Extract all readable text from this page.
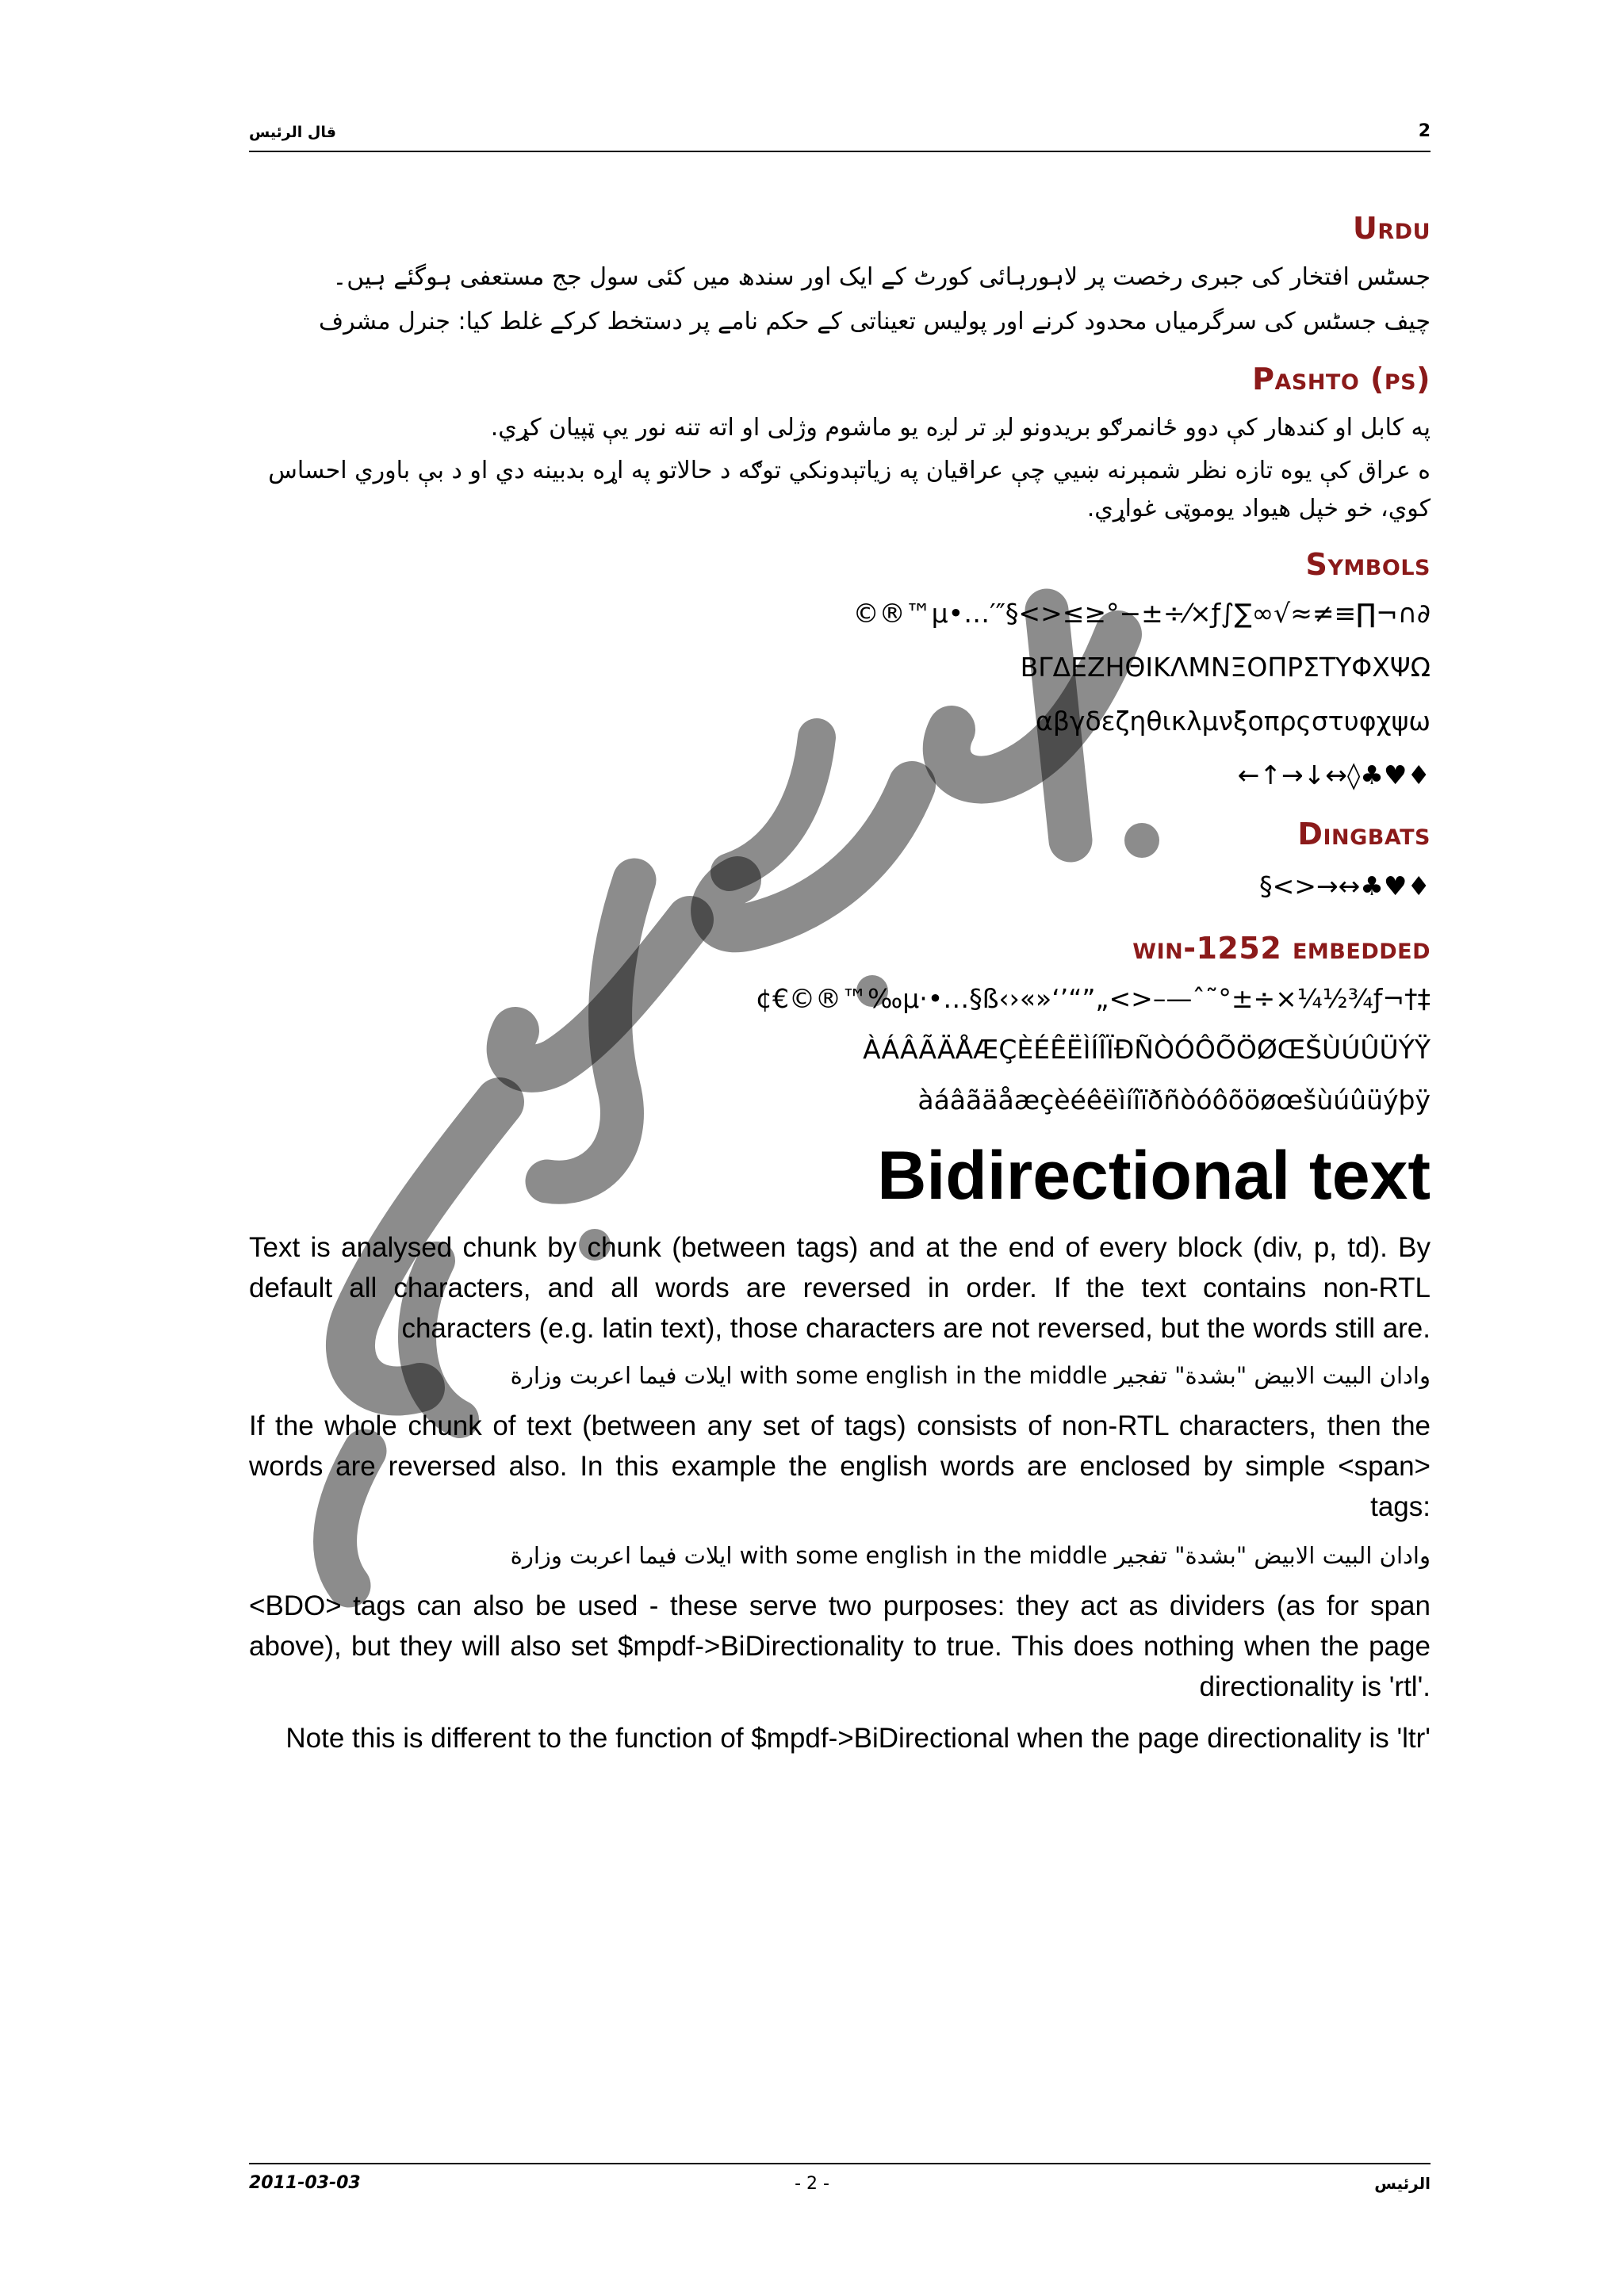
قال الرئيس	2
Urdu

جسٹس افتخار کی جبری رخصت پر لاہورہائی کورٹ کے ایک اور سندھ میں کئی سول جج مستعفی ہوگئے ہیں۔

چیف جسٹس کی سرگرمیاں محدود کرنے اور پولیس تعیناتی کے حکم نامے پر دستخط کرکے غلط کیا: جنرل مشرف

Pashto (ps)

په کابل او کندهار کې دوو ځانمرګو بريدونو لږ تر لږه يو ماشوم وژلی او اته تنه نور يې ټپيان کړي.

ه عراق کې يوه تازه نظر شمېرنه ښيي چې عراقيان په زياتېدونکي توګه د حالاتو په اړه بدبينه دي او د بې باوري احساس کوي، خو خپل هيواد يوموټی غواړي.

Symbols

©®™µ•…′″§<>≤≥°−±÷⁄×ƒ∫∑∞√≈≠≡∏¬∩∂

ΒΓΔΕΖΗΘΙΚΛΜΝΞΟΠΡΣΤΥΦΧΨΩ

αβγδεζηθικλμνξοπρςστυφχψω

←↑→↓↔◊♣♥♦

Dingbats

§<>→↔♣♥♦

win-1252 embedded

¢€©®™‰µ·•…§ß‹›«»‘’“”„<>–—ˆ˜°±÷×¼½¾ƒ¬†‡

ÀÁÂÃÄÅÆÇÈÉÊËÌÍÎÏÐÑÒÓÔÕÖØŒŠÙÚÛÜÝŸ

àáâãäåæçèéêëìíîïðñòóôõöøœšùúûüýþÿ

Bidirectional text

Text is analysed chunk by chunk (between tags) and at the end of every block (div, p, td). By default all characters, and all words are reversed in order. If the text contains non-RTL characters (e.g. latin text), those characters are not reversed, but the words still are.

وادان البيت الابيض "بشدة" تفجير with some english in the middle ايلات فيما اعربت وزارة

If the whole chunk of text (between any set of tags) consists of non-RTL characters, then the words are reversed also. In this example the english words are enclosed by simple <span> tags:

وادان البيت الابيض "بشدة" تفجير with some english in the middle ايلات فيما اعربت وزارة

<BDO> tags can also be used - these serve two purposes: they act as dividers (as for span above), but they will also set $mpdf->BiDirectionality to true. This does nothing when the page directionality is 'rtl'.

Note this is different to the function of $mpdf->BiDirectional when the page directionality is 'ltr'

2011-03-03	- 2 -	الرئيس
